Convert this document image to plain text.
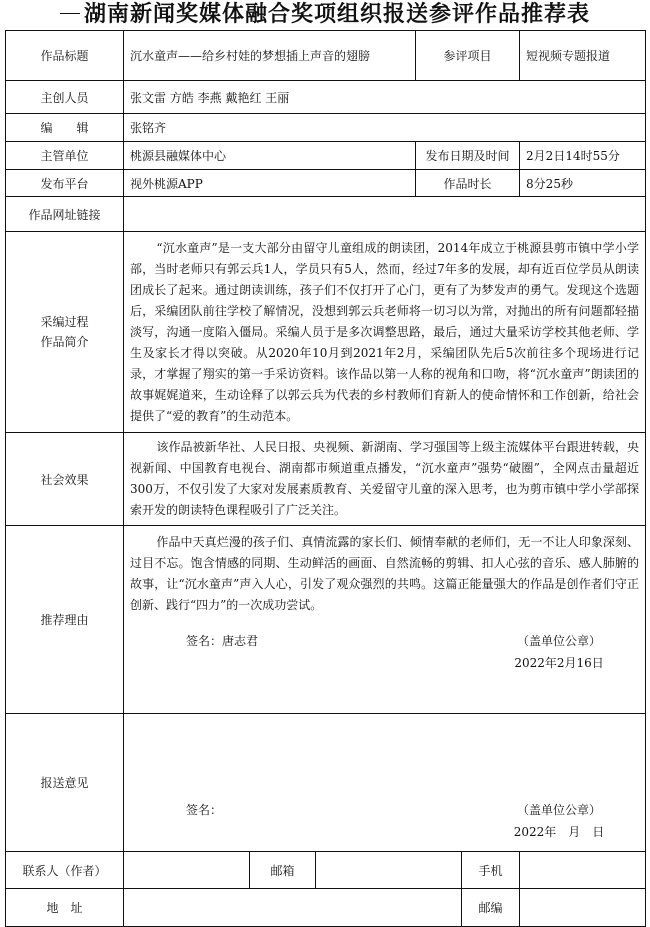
湖南新闻奖媒体融合奖项组织报送参评作品推荐表
作品标题	沉水童声——给乡村娃的梦想插上声音的翅膀			参评项目		短视频专题报道
主创人员	张文雷 方皓 李燕 戴艳红 王丽					
编辑	张铭齐					
主管单位	桃源县融媒体中心			发布日期及时间		2月2日14时55分
发布平台	视外桃源APP			作品时长		8分25秒
作品网址链接						

采编过程
作品简介	“沉水童声”是一支大部分由留守儿童组成的朗读团，2014年成立于桃源县剪市镇中学小学部，当时老师只有郭云兵1人，学员只有5人，然而，经过7年多的发展，却有近百位学员从朗读团成长了起来。通过朗读训练，孩子们不仅打开了心门，更有了为梦发声的勇气。发现这个选题后，采编团队前往学校了解情况，没想到郭云兵老师将一切习以为常，对抛出的所有问题都轻描淡写，沟通一度陷入僵局。采编人员于是多次调整思路，最后，通过大量采访学校其他老师、学生及家长才得以突破。从2020年10月到2021年2月，采编团队先后5次前往多个现场进行记录，才掌握了翔实的第一手采访资料。该作品以第一人称的视角和口吻，将“沉水童声”朗读团的故事娓娓道来，生动诠释了以郭云兵为代表的乡村教师们育新人的使命情怀和工作创新，给社会提供了“爱的教育”的生动范本。					

社会效果	该作品被新华社、人民日报、央视频、新湖南、学习强国等上级主流媒体平台跟进转载，央视新闻、中国教育电视台、湖南都市频道重点播发，“沉水童声”强势“破圈”，全网点击量超近300万，不仅引发了大家对发展素质教育、关爱留守儿童的深入思考，也为剪市镇中学小学部探索开发的朗读特色课程吸引了广泛关注。					

推荐理由	作品中天真烂漫的孩子们、真情流露的家长们、倾情奉献的老师们，无一不让人印象深刻、过目不忘。饱含情感的同期、生动鲜活的画面、自然流畅的剪辑、扣人心弦的音乐、感人肺腑的故事，让“沉水童声”声入人心，引发了观众强烈的共鸣。这篇正能量强大的作品是创作者们守正创新、践行“四力”的一次成功尝试。
签名：唐志君 （盖单位公章）
2022年2月16日					

报送意见	签名： （盖单位公章）
2022年　月　日					

联系人（作者）		邮箱			手机	
地　址					邮编	
